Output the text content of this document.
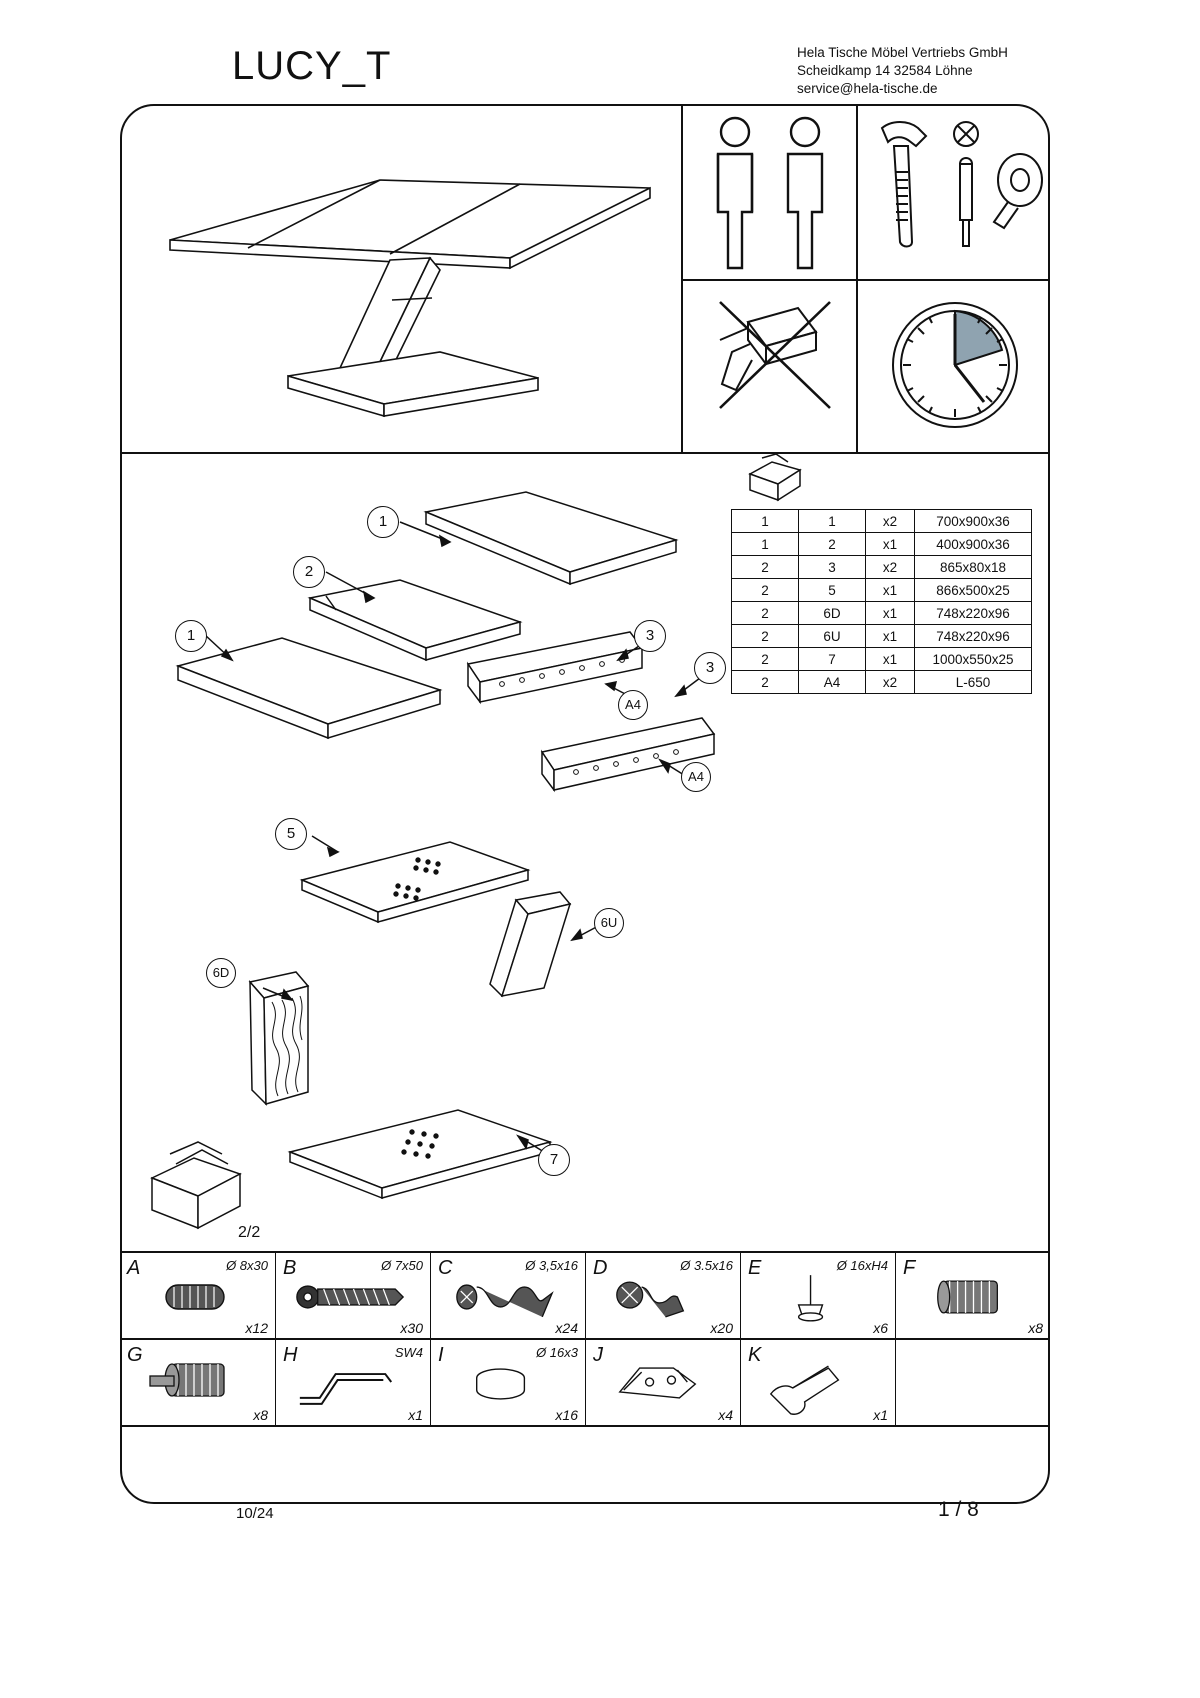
LUCY_T	Hela Tische Möbel Vertriebs GmbH
Scheidkamp 14 32584 Löhne
service@hela-tische.de
1	1	x2	700x900x36
1	2	x1	400x900x36
2	3	x2	865x80x18
2	5	x1	866x500x25
2	6D	x1	748x220x96
2	6U	x1	748x220x96
2	7	x1	1000x550x25
2	A4	x2	L-650
1
2
1	3
3
A4
A4
5
6U
6D
7
2/2
A	Ø 8x30
x12
B	Ø 7x50
x30
C	Ø 3,5x16
x24
D	Ø 3.5x16
x20
E	Ø 16xH4
x6
F
x8
G
x8
H	SW4
x1
I	Ø 16x3
x16
J
x4
K
x1
10/24	1 / 8
